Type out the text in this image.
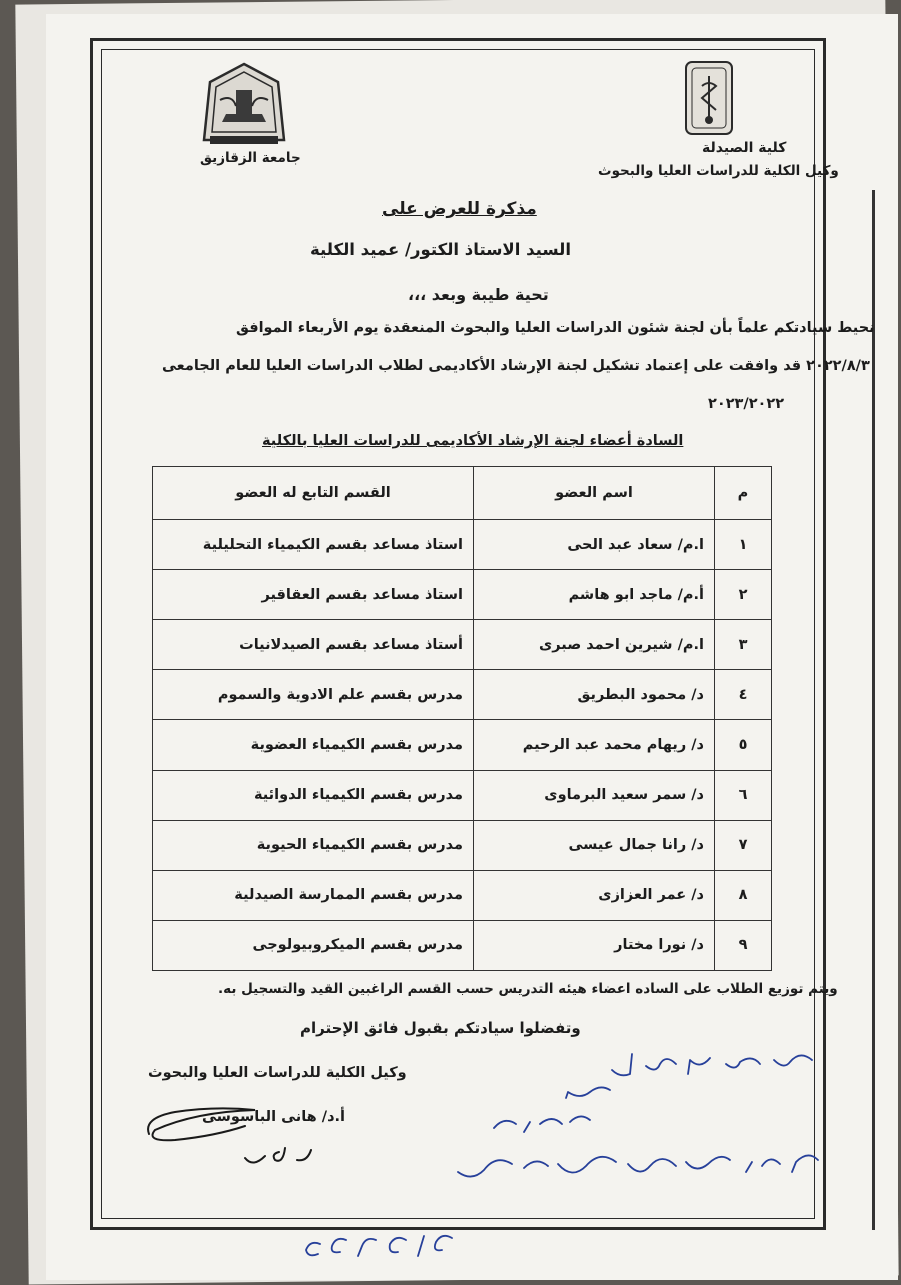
جامعة الزقازيق
كلية الصيدلة
وكيل الكلية للدراسات العليا والبحوث
مذكرة للعرض على
السيد الاستاذ الكتور/ عميد الكلية
تحية طيبة وبعد ،،،
نحيط سيادتكم علماً بأن لجنة شئون الدراسات العليا والبحوث المنعقدة يوم الأربعاء الموافق
٢٠٢٢/٨/٣ قد وافقت على إعتماد تشكيل لجنة الإرشاد الأكاديمى لطلاب الدراسات العليا للعام الجامعى
٢٠٢٣/٢٠٢٢
السادة أعضاء لجنة الإرشاد الأكاديمى للدراسات العليا بالكلية
م	اسم العضو	القسم التابع له العضو
١	ا.م/ سعاد عبد الحى	استاذ مساعد بقسم الكيمياء التحليلية
٢	أ.م/ ماجد ابو هاشم	استاذ مساعد بقسم العقاقير
٣	ا.م/ شيرين احمد صبرى	أستاذ مساعد بقسم الصيدلانيات
٤	د/ محمود البطريق	مدرس بقسم علم الادوية والسموم
٥	د/ ريهام محمد عبد الرحيم	مدرس بقسم الكيمياء العضوية
٦	د/ سمر سعيد البرماوى	مدرس بقسم الكيمياء الدوائية
٧	د/ رانا جمال عيسى	مدرس بقسم الكيمياء الحيوية
٨	د/ عمر العزازى	مدرس بقسم الممارسة الصيدلية
٩	د/ نورا مختار	مدرس بقسم الميكروبيولوجى
ويتم توزيع الطلاب على الساده اعضاء هيئه التدريس حسب القسم الراغبين القيد والتسجيل به.
وتفضلوا سيادتكم بقبول فائق الإحترام
وكيل الكلية للدراسات العليا والبحوث
أ.د/ هانى الباسوسى
